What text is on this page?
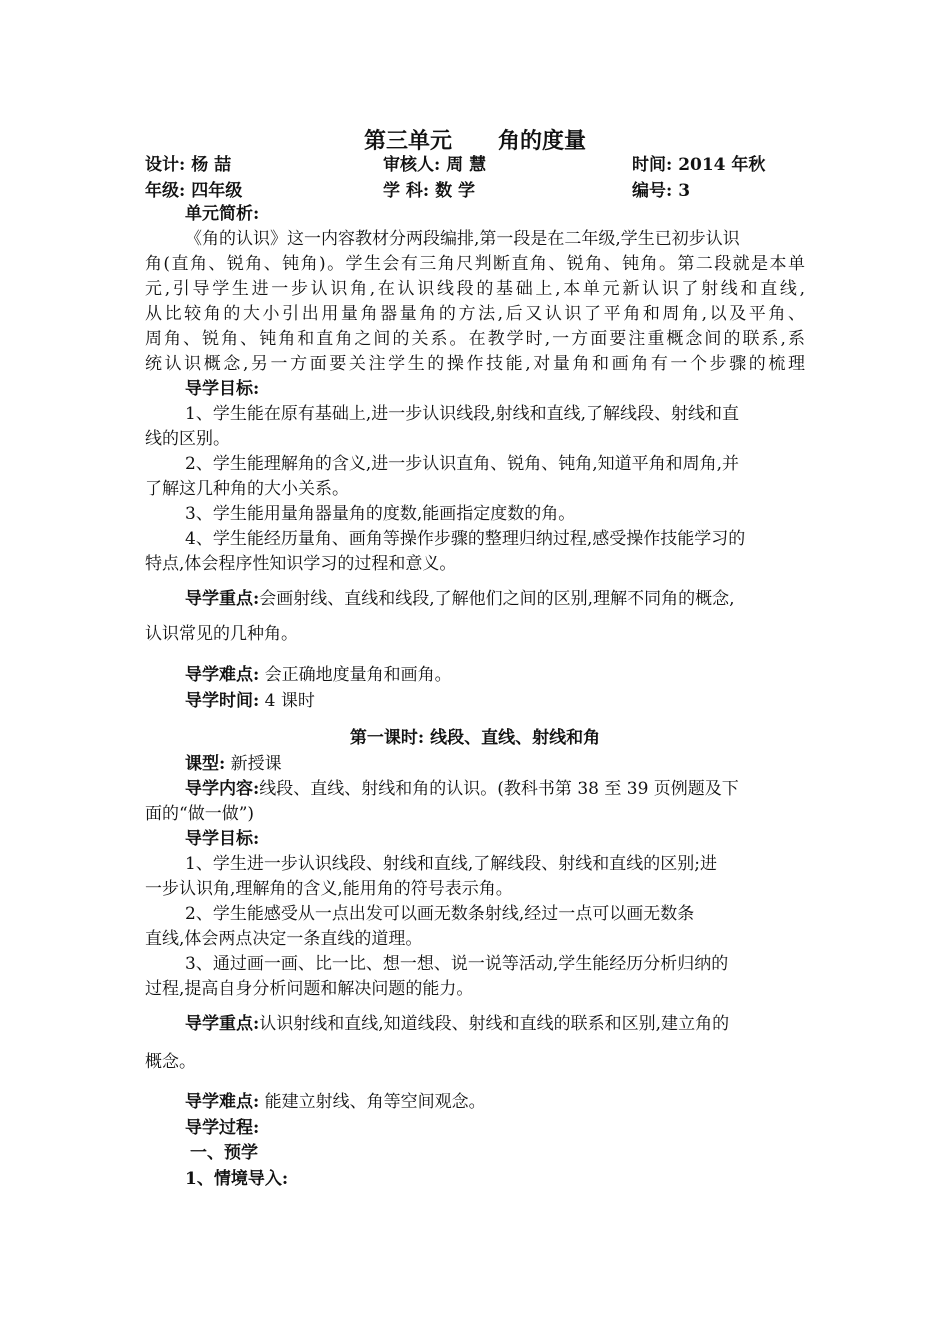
第三单元      角的度量
设计: 杨 喆	审核人: 周 慧	时间: 2014 年秋
年级: 四年级	学 科: 数 学	编号: 3
单元简析:
《角的认识》这一内容教材分两段编排,第一段是在二年级,学生已初步认识
角(直角、锐角、钝角)。学生会有三角尺判断直角、锐角、钝角。第二段就是本单
元,引导学生进一步认识角,在认识线段的基础上,本单元新认识了射线和直线,
从比较角的大小引出用量角器量角的方法,后又认识了平角和周角,以及平角、
周角、锐角、钝角和直角之间的关系。在教学时,一方面要注重概念间的联系,系
统认识概念,另一方面要关注学生的操作技能,对量角和画角有一个步骤的梳理
导学目标:
1、学生能在原有基础上,进一步认识线段,射线和直线,了解线段、射线和直
线的区别。
2、学生能理解角的含义,进一步认识直角、锐角、钝角,知道平角和周角,并
了解这几种角的大小关系。
3、学生能用量角器量角的度数,能画指定度数的角。
4、学生能经历量角、画角等操作步骤的整理归纳过程,感受操作技能学习的
特点,体会程序性知识学习的过程和意义。
导学重点:会画射线、直线和线段,了解他们之间的区别,理解不同角的概念,
认识常见的几种角。
导学难点: 会正确地度量角和画角。
导学时间: 4 课时
第一课时: 线段、直线、射线和角
课型: 新授课
导学内容:线段、直线、射线和角的认识。(教科书第 38 至 39 页例题及下
面的“做一做”)
导学目标:
1、学生进一步认识线段、射线和直线,了解线段、射线和直线的区别;进
一步认识角,理解角的含义,能用角的符号表示角。
2、学生能感受从一点出发可以画无数条射线,经过一点可以画无数条
直线,体会两点决定一条直线的道理。
3、通过画一画、比一比、想一想、说一说等活动,学生能经历分析归纳的
过程,提高自身分析问题和解决问题的能力。
导学重点:认识射线和直线,知道线段、射线和直线的联系和区别,建立角的
概念。
导学难点: 能建立射线、角等空间观念。
导学过程:
一、预学
1、情境导入:
